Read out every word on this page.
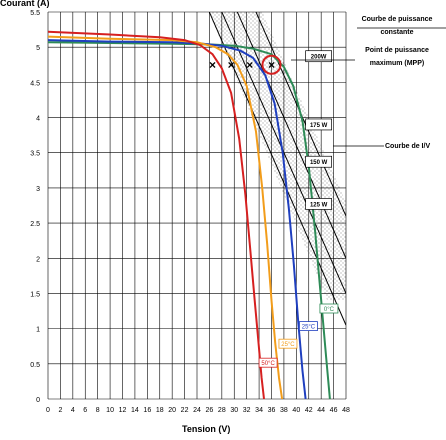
× × × ×
0 2 4 6 8 10 12 14 16 18 20 22 24 26 28 30 32 34 36 38 40 42 44 46 48
0
0.5
1
1.5
2
2.5
3
3.5
4
4.5
5
5.5
200W
175 W
150 W
125 W
0°C
25°C
25°C
50°C
Courant (A)
Tension (V)
Courbe de puissance constante
Point de puissance maximum (MPP)
Courbe de I/V
